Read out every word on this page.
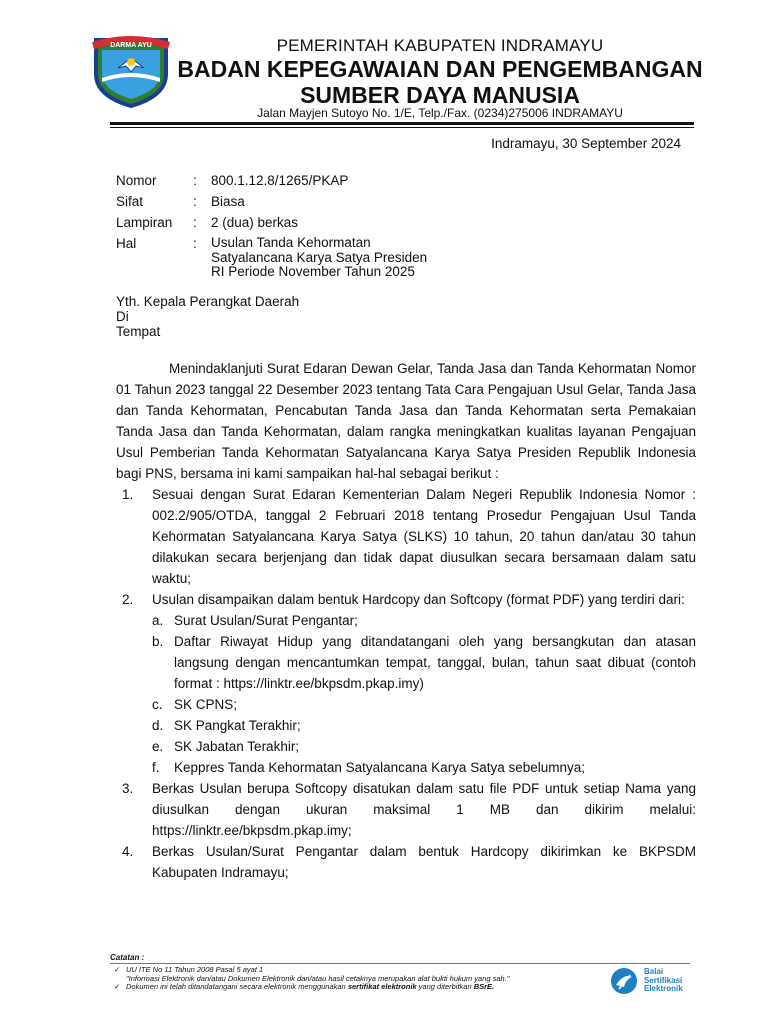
DARMA AYU	PEMERINTAH KABUPATEN INDRAMAYU
BADAN KEPEGAWAIAN DAN PENGEMBANGAN
SUMBER DAYA MANUSIA
Jalan Mayjen Sutoyo No. 1/E, Telp./Fax. (0234)275006 INDRAMAYU
Indramayu, 30 September 2024
Nomor	:	800.1.12.8/1265/PKAP
Sifat	:	Biasa
Lampiran	:	2 (dua) berkas
Hal	:	Usulan Tanda Kehormatan
Satyalancana Karya Satya Presiden
RI Periode November Tahun 2025
Yth. Kepala Perangkat Daerah
Di
Tempat

Menindaklanjuti Surat Edaran Dewan Gelar, Tanda Jasa dan Tanda Kehormatan Nomor 01 Tahun 2023 tanggal 22 Desember 2023 tentang Tata Cara Pengajuan Usul Gelar, Tanda Jasa dan Tanda Kehormatan, Pencabutan Tanda Jasa dan Tanda Kehormatan serta Pemakaian Tanda Jasa dan Tanda Kehormatan, dalam rangka meningkatkan kualitas layanan Pengajuan Usul Pemberian Tanda Kehormatan Satyalancana Karya Satya Presiden Republik Indonesia bagi PNS, bersama ini kami sampaikan hal-hal sebagai berikut :

1. Sesuai dengan Surat Edaran Kementerian Dalam Negeri Republik Indonesia Nomor : 002.2/905/OTDA, tanggal 2 Februari 2018 tentang Prosedur Pengajuan Usul Tanda Kehormatan Satyalancana Karya Satya (SLKS) 10 tahun, 20 tahun dan/atau 30 tahun dilakukan secara berjenjang dan tidak dapat diusulkan secara bersamaan dalam satu waktu;
2. Usulan disampaikan dalam bentuk Hardcopy dan Softcopy (format PDF) yang terdiri dari:
a. Surat Usulan/Surat Pengantar;
b. Daftar Riwayat Hidup yang ditandatangani oleh yang bersangkutan dan atasan langsung dengan mencantumkan tempat, tanggal, bulan, tahun saat dibuat (contoh format : https://linktr.ee/bkpsdm.pkap.imy)
c. SK CPNS;
d. SK Pangkat Terakhir;
e. SK Jabatan Terakhir;
f. Keppres Tanda Kehormatan Satyalancana Karya Satya sebelumnya;
3. Berkas Usulan berupa Softcopy disatukan dalam satu file PDF untuk setiap Nama yang diusulkan dengan ukuran maksimal 1 MB dan dikirim melalui: https://linktr.ee/bkpsdm.pkap.imy;
4. Berkas Usulan/Surat Pengantar dalam bentuk Hardcopy dikirimkan ke BKPSDM Kabupaten Indramayu;
Catatan :
✓ UU ITE No 11 Tahun 2008 Pasal 5 ayat 1
"Informasi Elektronik dan/atau Dokumen Elektronik dan/atau hasil cetaknya merupakan alat bukti hukum yang sah."
✓ Dokumen ini telah ditandatangani secara elektronik menggunakan sertifikat elektronik yang diterbitkan BSrE.
Balai
Sertifikasi
Elektronik
